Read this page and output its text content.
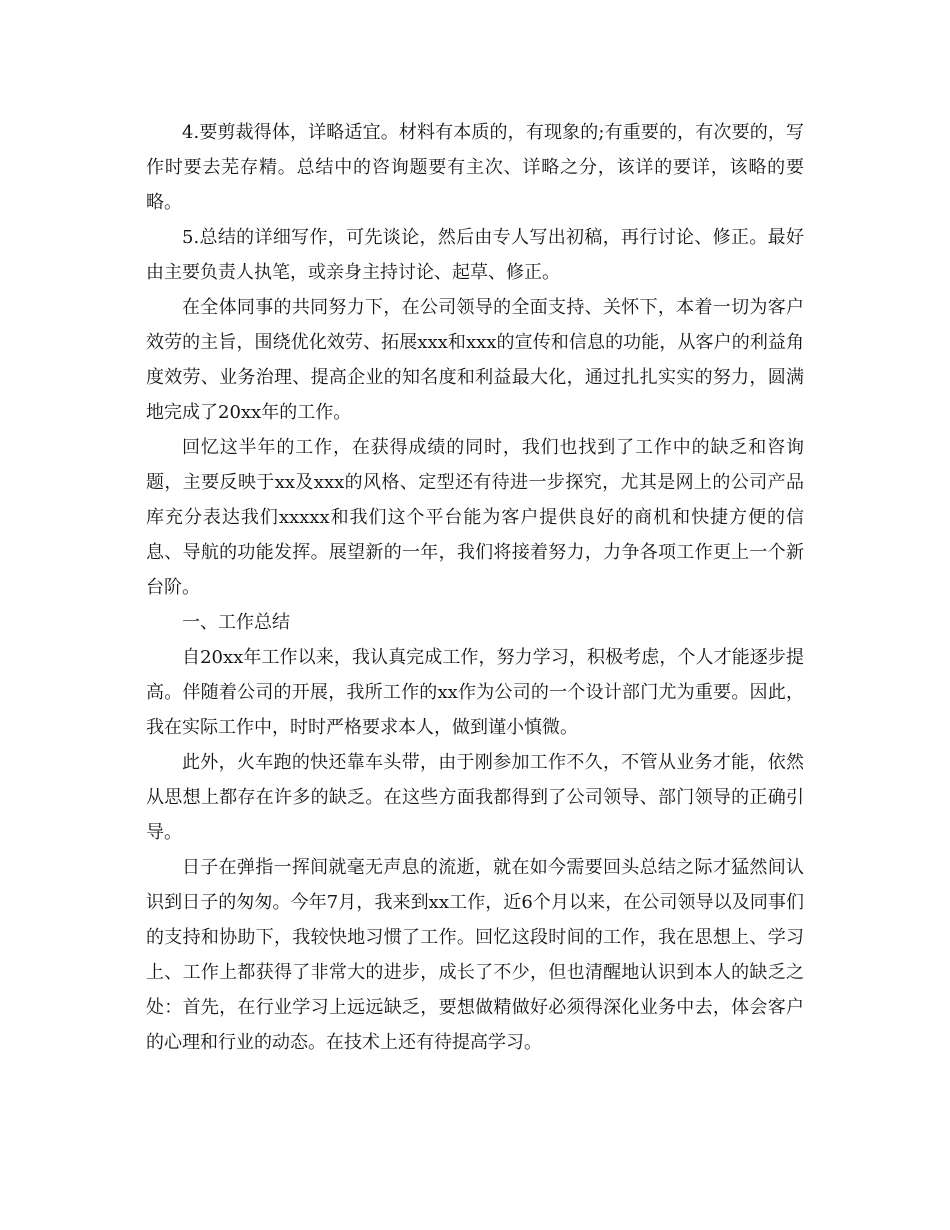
4.要剪裁得体，详略适宜。材料有本质的，有现象的;有重要的，有次要的，写作时要去芜存精。总结中的咨询题要有主次、详略之分，该详的要详，该略的要略。

5.总结的详细写作，可先谈论，然后由专人写出初稿，再行讨论、修正。最好由主要负责人执笔，或亲身主持讨论、起草、修正。

在全体同事的共同努力下，在公司领导的全面支持、关怀下，本着一切为客户效劳的主旨，围绕优化效劳、拓展xxx和xxx的宣传和信息的功能，从客户的利益角度效劳、业务治理、提高企业的知名度和利益最大化，通过扎扎实实的努力，圆满地完成了20xx年的工作。

回忆这半年的工作，在获得成绩的同时，我们也找到了工作中的缺乏和咨询题，主要反映于xx及xxx的风格、定型还有待进一步探究，尤其是网上的公司产品库充分表达我们xxxxx和我们这个平台能为客户提供良好的商机和快捷方便的信息、导航的功能发挥。展望新的一年，我们将接着努力，力争各项工作更上一个新台阶。

一、工作总结

自20xx年工作以来，我认真完成工作，努力学习，积极考虑，个人才能逐步提高。伴随着公司的开展，我所工作的xx作为公司的一个设计部门尤为重要。因此，我在实际工作中，时时严格要求本人，做到谨小慎微。

此外，火车跑的快还靠车头带，由于刚参加工作不久，不管从业务才能，依然从思想上都存在许多的缺乏。在这些方面我都得到了公司领导、部门领导的正确引导。

日子在弹指一挥间就毫无声息的流逝，就在如今需要回头总结之际才猛然间认识到日子的匆匆。今年7月，我来到xx工作，近6个月以来，在公司领导以及同事们的支持和协助下，我较快地习惯了工作。回忆这段时间的工作，我在思想上、学习上、工作上都获得了非常大的进步，成长了不少，但也清醒地认识到本人的缺乏之处：首先，在行业学习上远远缺乏，要想做精做好必须得深化业务中去，体会客户的心理和行业的动态。在技术上还有待提高学习。
